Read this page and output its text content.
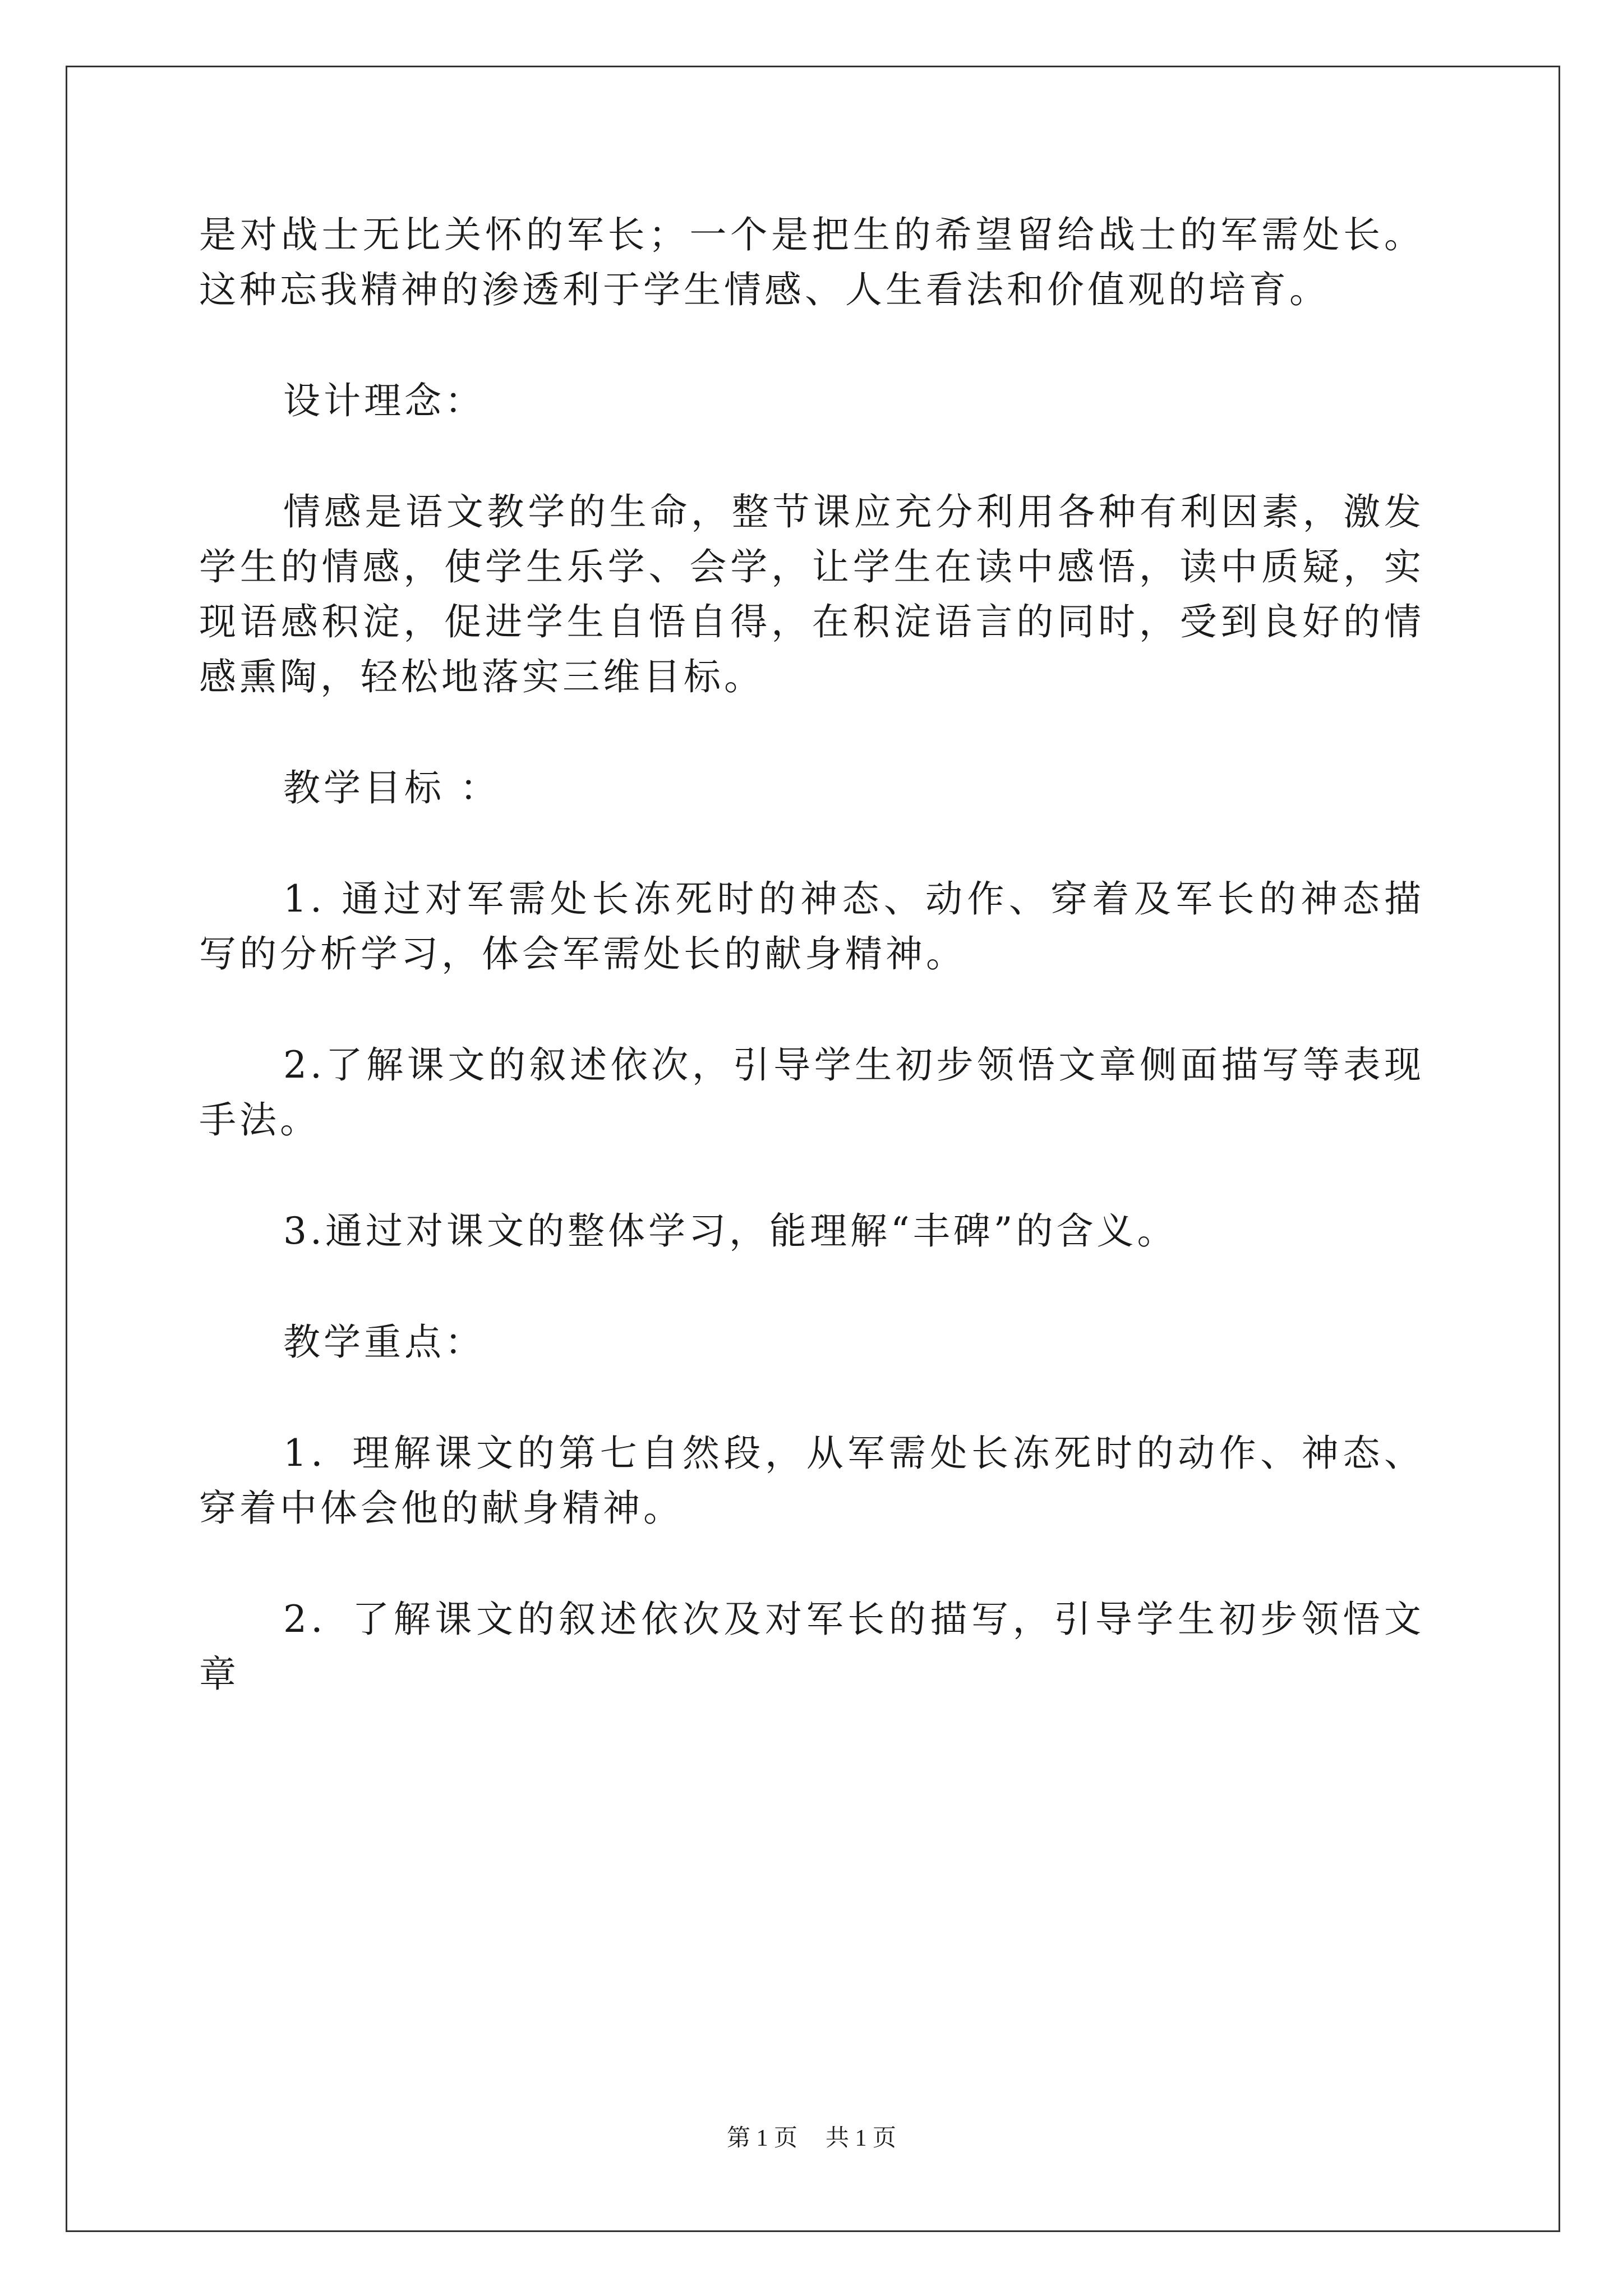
是对战士无比关怀的军长；一个是把生的希望留给战士的军需处长。这种忘我精神的渗透利于学生情感、人生看法和价值观的培育。

设计理念：

情感是语文教学的生命，整节课应充分利用各种有利因素，激发学生的情感，使学生乐学、会学，让学生在读中感悟，读中质疑，实现语感积淀，促进学生自悟自得，在积淀语言的同时，受到良好的情感熏陶，轻松地落实三维目标。

教学目标 ：

1. 通过对军需处长冻死时的神态、动作、穿着及军长的神态描写的分析学习，体会军需处长的献身精神。

2.了解课文的叙述依次，引导学生初步领悟文章侧面描写等表现手法。

3.通过对课文的整体学习，能理解“丰碑”的含义。

教学重点：

1．理解课文的第七自然段，从军需处长冻死时的动作、神态、穿着中体会他的献身精神。

2．了解课文的叙述依次及对军长的描写，引导学生初步领悟文章

第 1 页 共 1 页
